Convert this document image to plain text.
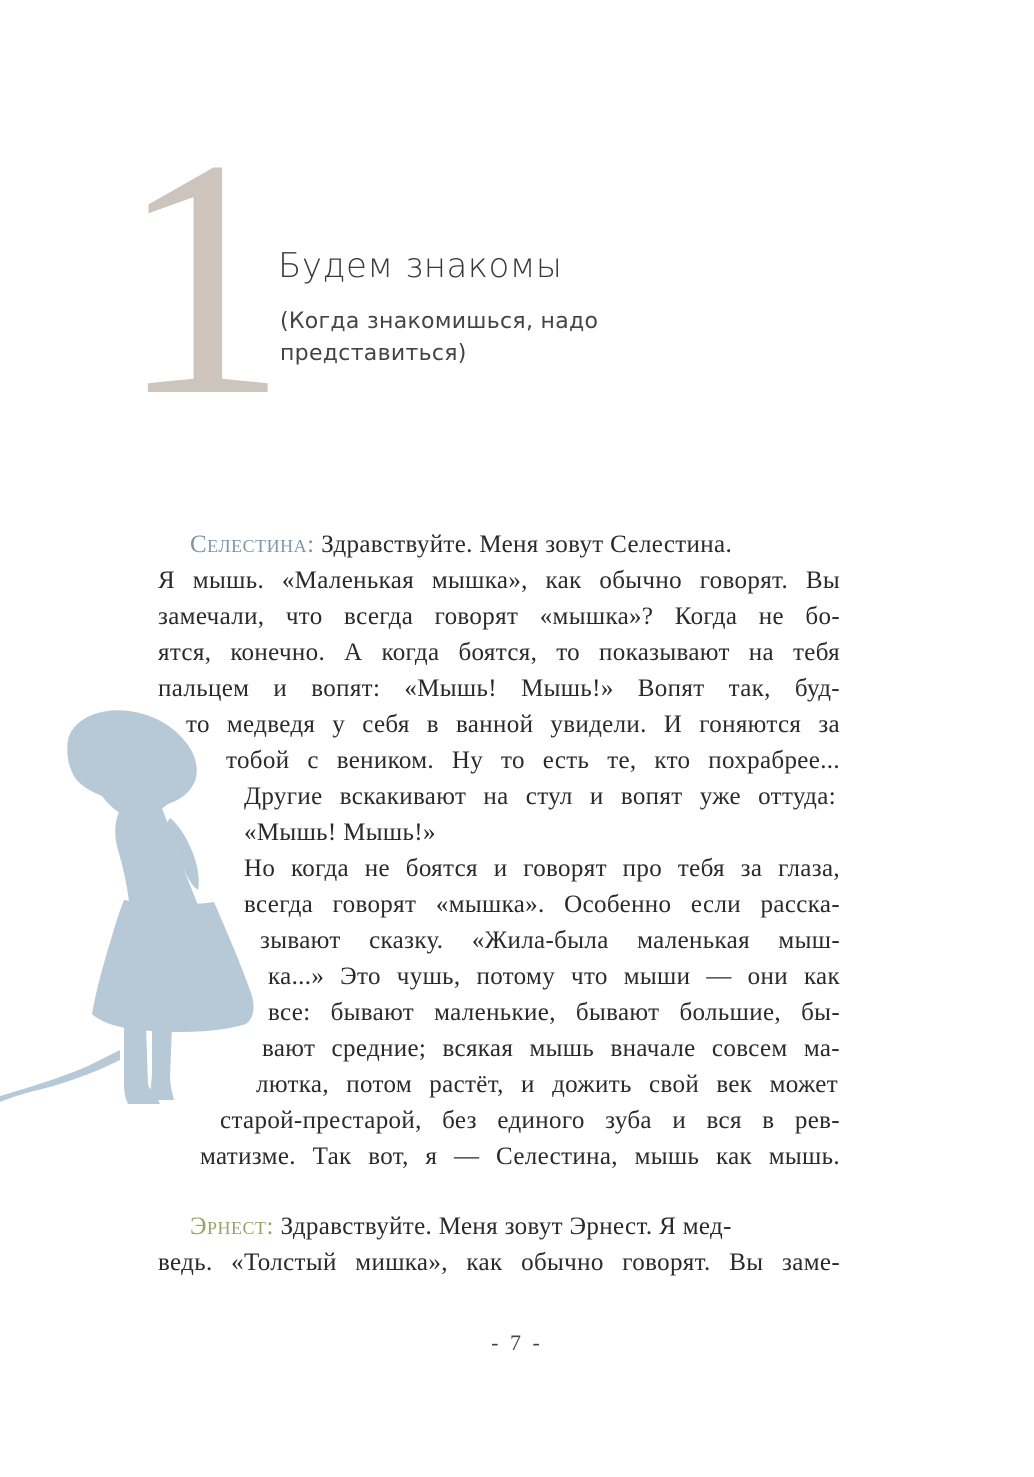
1
Будем знакомы
(Когда знакомишься, надо представиться)
Селестина: Здравствуйте. Меня зовут Селестина.
Я мышь. «Маленькая мышка», как обычно говорят. Вы
замечали, что всегда говорят «мышка»? Когда не бо-
ятся, конечно. А когда боятся, то показывают на тебя
пальцем и вопят: «Мышь! Мышь!» Вопят так, буд-
то медведя у себя в ванной увидели. И гоняются за
тобой с веником. Ну то есть те, кто похрабрее...
Другие вскакивают на стул и вопят уже оттуда:
«Мышь! Мышь!»
Но когда не боятся и говорят про тебя за глаза,
всегда говорят «мышка». Особенно если расска-
зывают сказку. «Жила-была маленькая мыш-
ка...» Это чушь, потому что мыши — они как
все: бывают маленькие, бывают большие, бы-
вают средние; всякая мышь вначале совсем ма-
лютка, потом растёт, и дожить свой век может
старой-престарой, без единого зуба и вся в рев-
матизме. Так вот, я — Селестина, мышь как мышь.
Эрнест: Здравствуйте. Меня зовут Эрнест. Я мед-
ведь. «Толстый мишка», как обычно говорят. Вы заме-
- 7 -
